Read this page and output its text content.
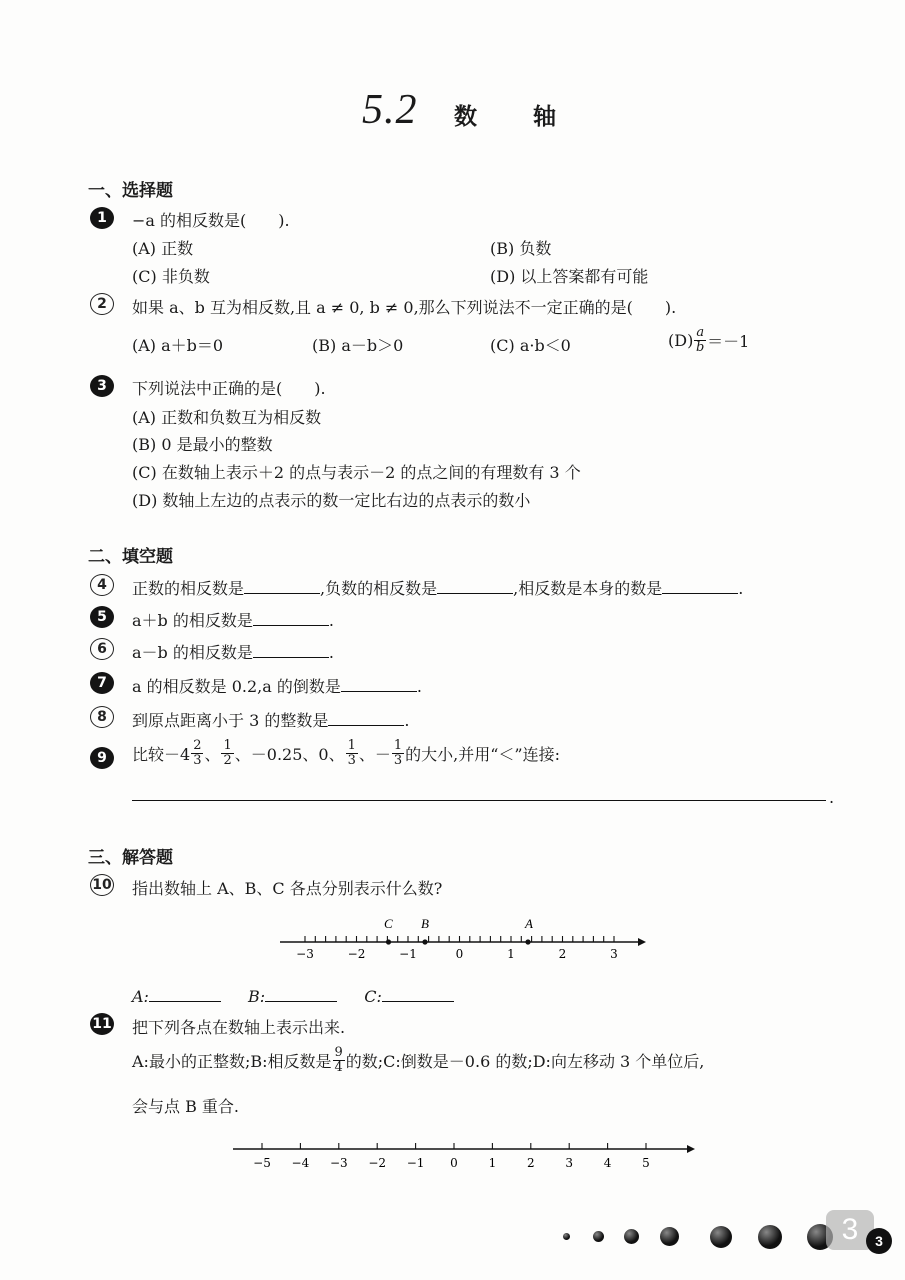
5.2 数 轴
一、选择题
1	−a 的相反数是(　　).
(A) 正数	(B) 负数
(C) 非负数	(D) 以上答案都有可能
2	如果 a、b 互为相反数,且 a ≠ 0, b ≠ 0,那么下列说法不一定正确的是(　　).
(A) a＋b＝0	(B) a－b＞0	(C) a·b＜0	$(D) \frac{a}{b} =-1$
3	下列说法中正确的是(　　).
(A) 正数和负数互为相反数
(B) 0 是最小的整数
(C) 在数轴上表示＋2 的点与表示－2 的点之间的有理数有 3 个
(D) 数轴上左边的点表示的数一定比右边的点表示的数小
二、填空题
4	正数的相反数是	,负数的相反数是	,相反数是本身的数是	.
5	a＋b 的相反数是	.
6	a－b 的相反数是	.
7	a 的相反数是 0.2,a 的倒数是	.
8	到原点距离小于 3 的整数是	.
9	比较$-4 \frac{2}{3}$ 、 $\frac{1}{2}$ 、－0.25、0、 $\frac{1}{3}$ 、－ $\frac{1}{3}$ 的大小,并用“＜”连接:
.
三、解答题
10 指出数轴上 A、B、C 各点分别表示什么数?
−3	−2	−1	0	1	2	3
C B	A
A:	B:	C:
11 把下列各点在数轴上表示出来.
A:最小的正整数;B:相反数是 $\frac{9}{4}$ 的数;C:倒数是－0.6 的数;D:向左移动 3 个单位后,
会与点 B 重合.
−5 −4 −3 −2 −1 0	1	2	3	4	5
3	3
